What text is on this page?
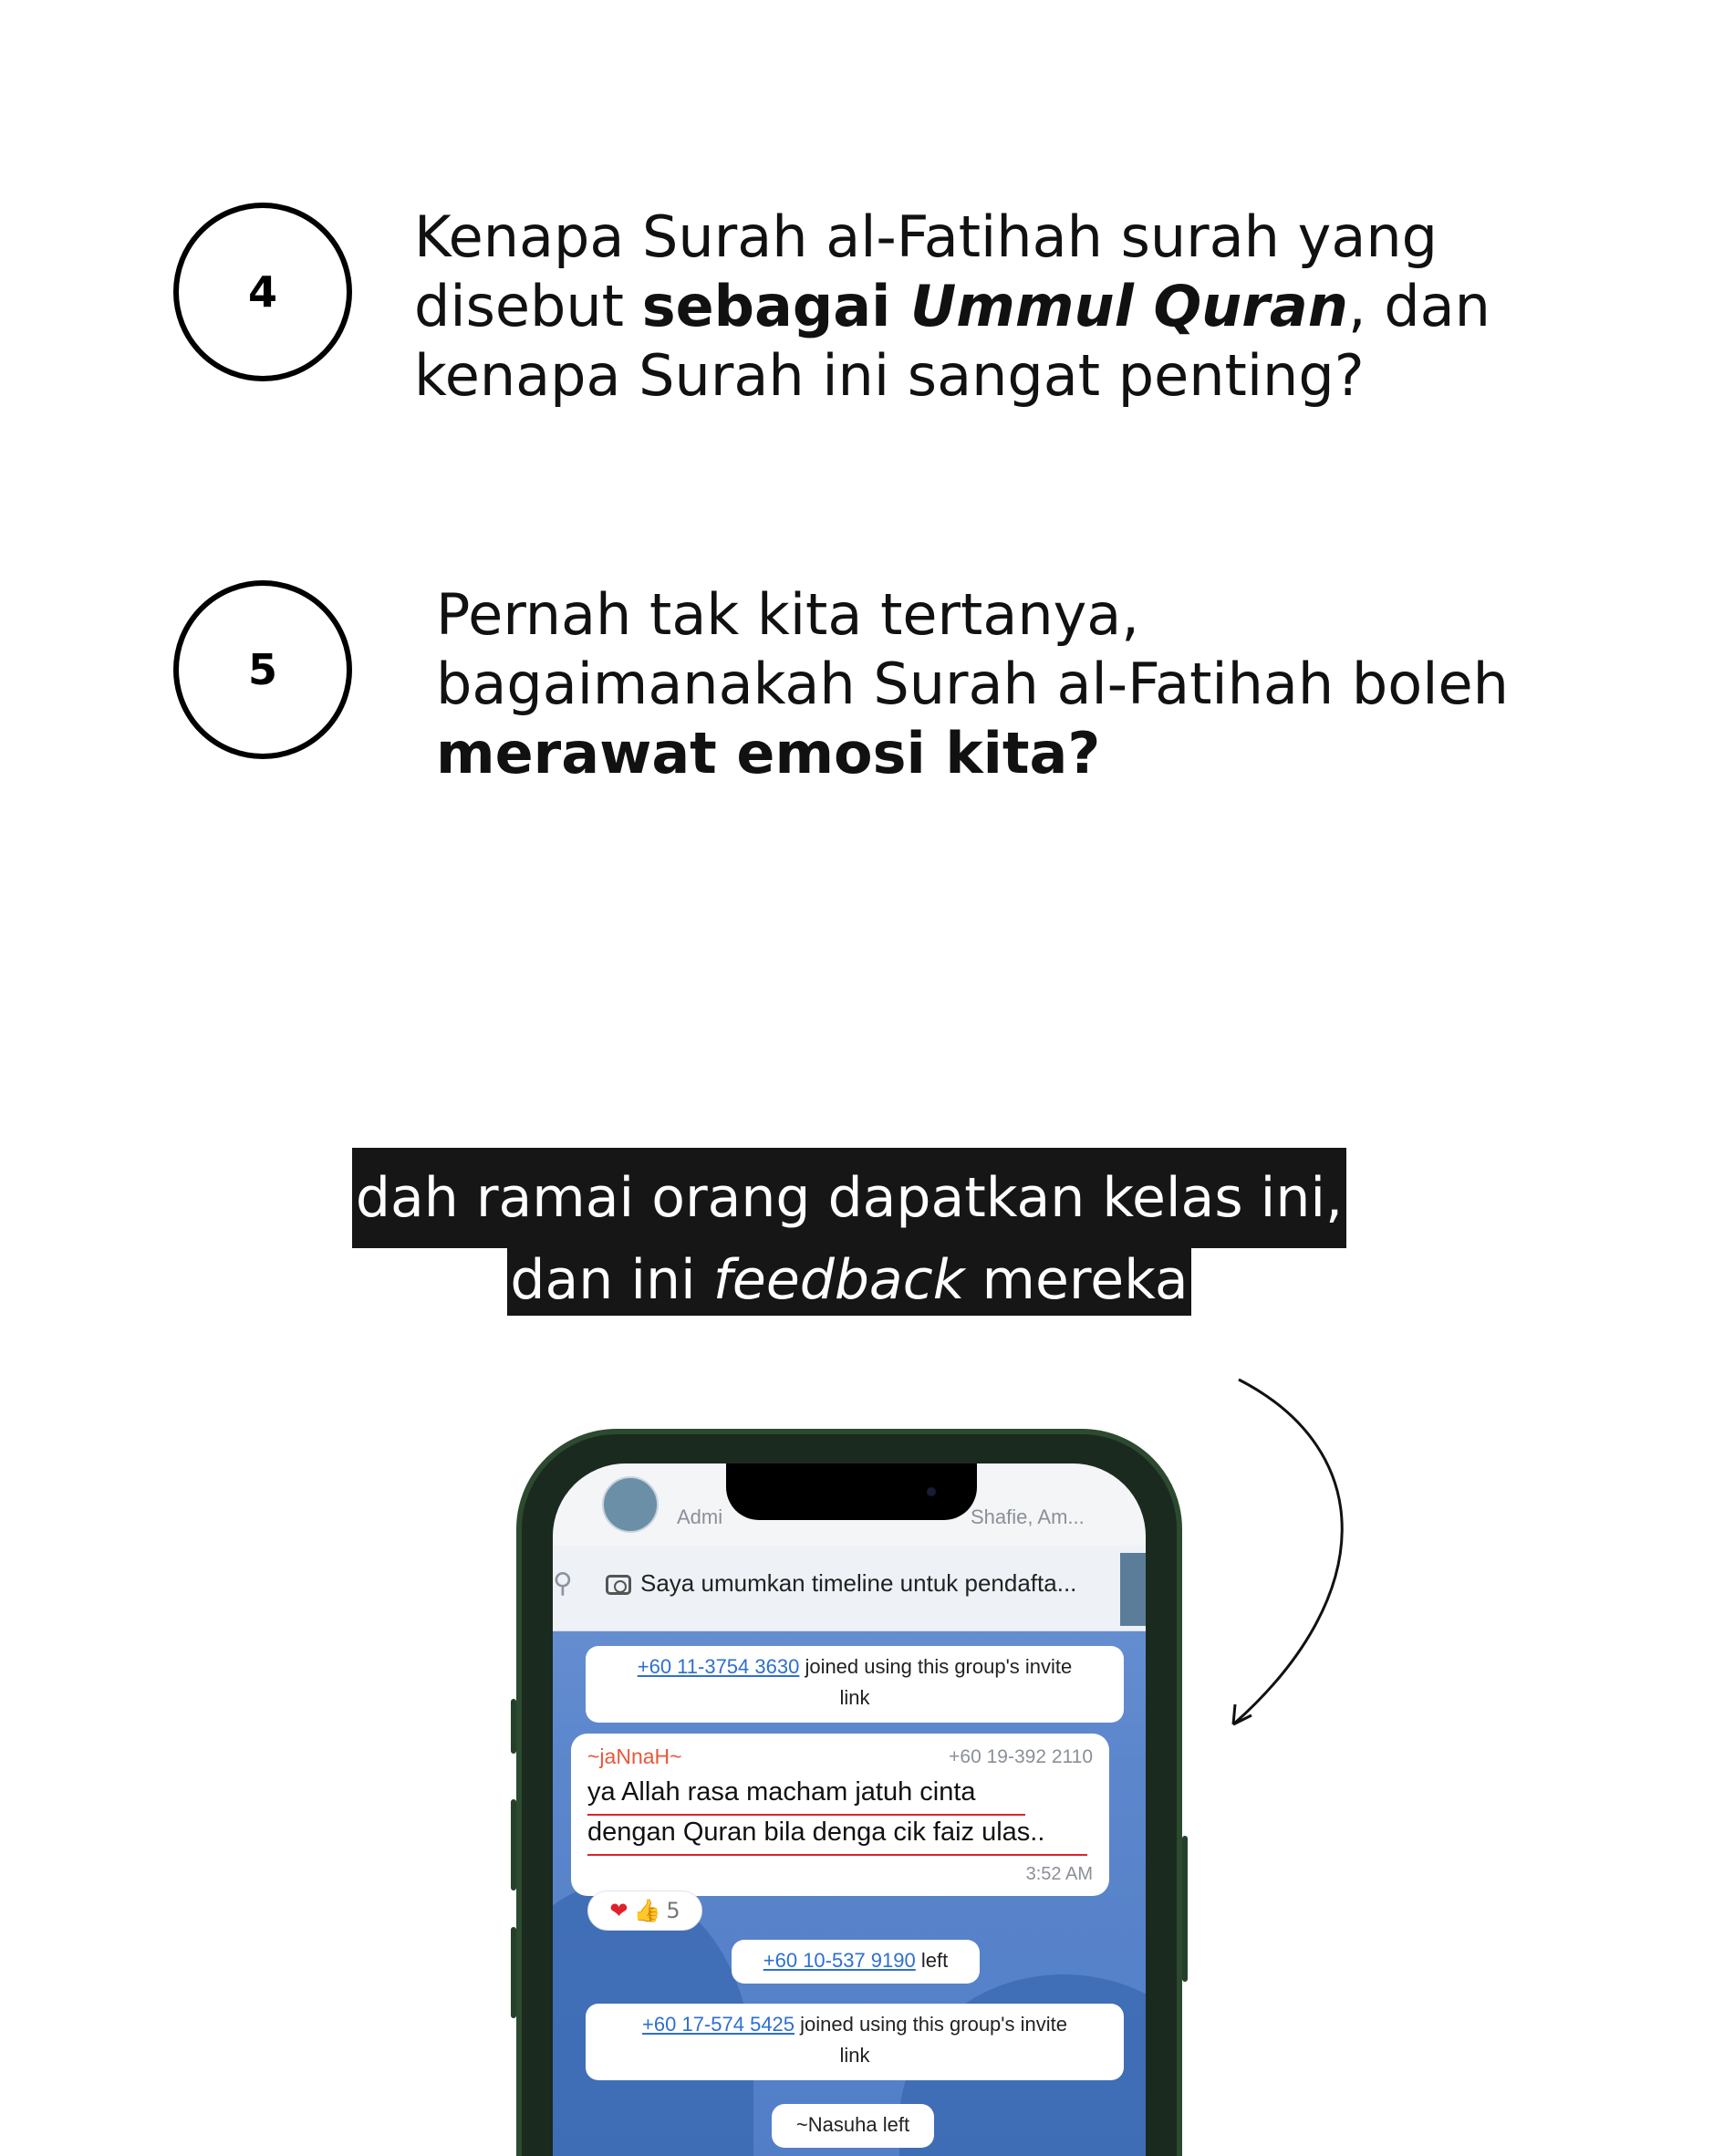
4
Kenapa Surah al-Fatihah surah yang
disebut sebagai Ummul Quran, dan
kenapa Surah ini sangat penting?
5
Pernah tak kita tertanya,
bagaimanakah Surah al-Fatihah boleh
merawat emosi kita?
dah ramai orang dapatkan kelas ini,
dan ini feedback mereka
Admi	Shafie, Am...
⚲	Saya umumkan timeline untuk pendafta...
+60 11-3754 3630 joined using this group's invite
link
~jaNnaH~	+60 19-392 2110
ya Allah rasa macham jatuh cinta
dengan Quran bila denga cik faiz ulas..
3:52 AM
❤ 👍 5
+60 10-537 9190 left
+60 17-574 5425 joined using this group's invite
link
~Nasuha left
